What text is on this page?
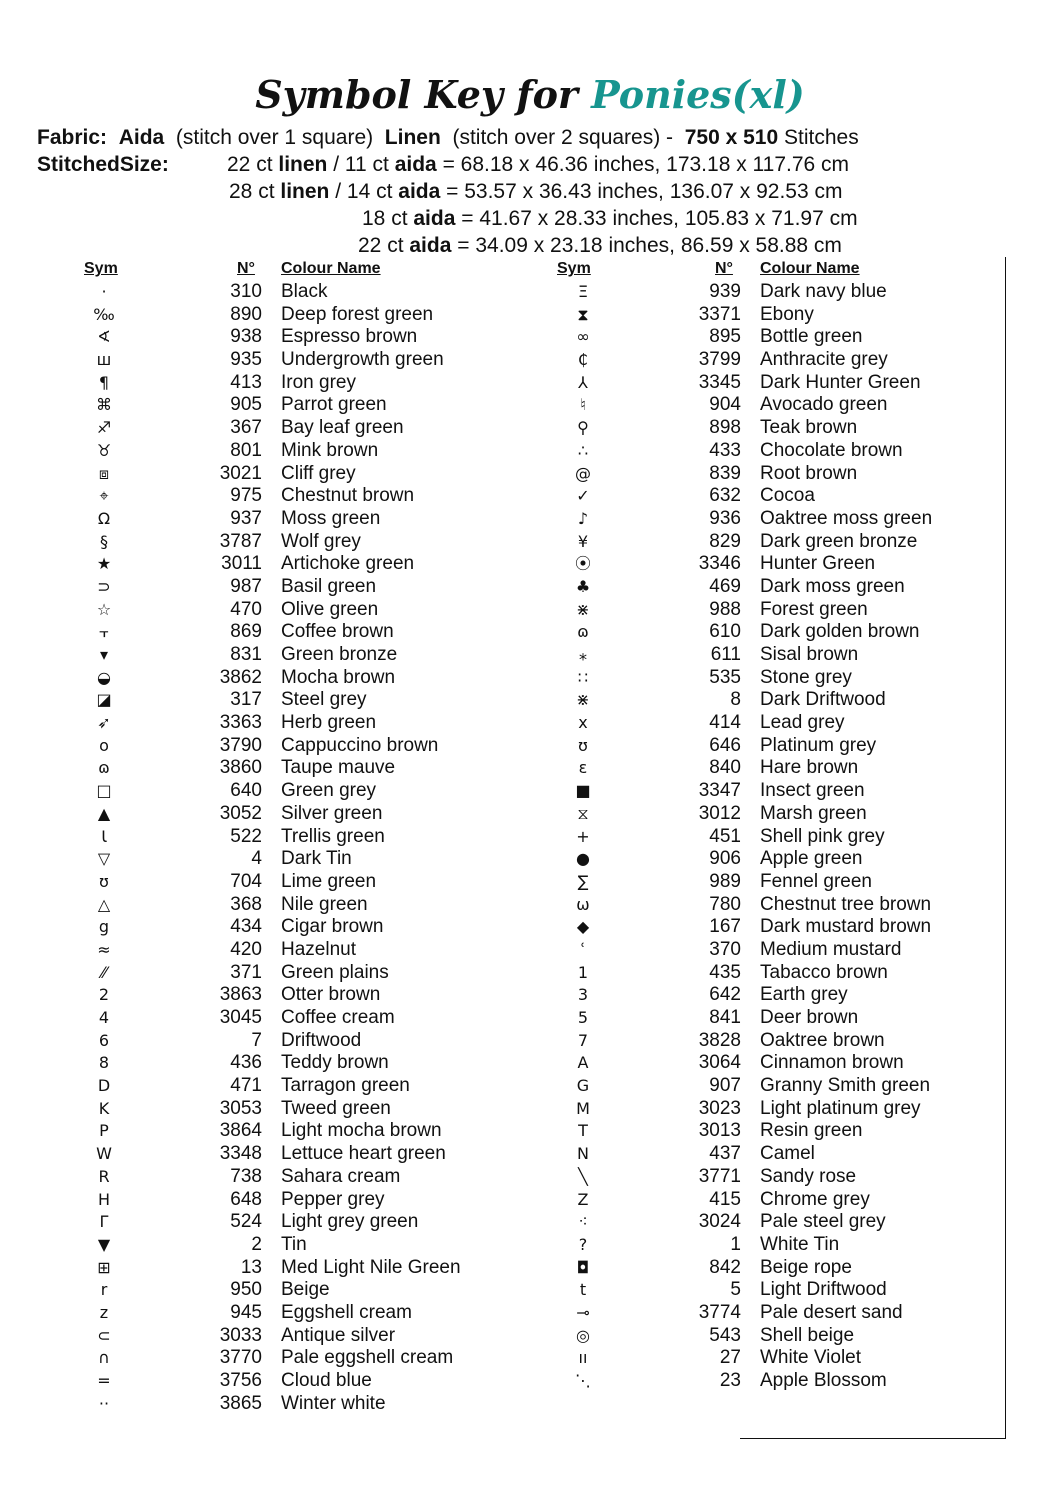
Symbol Key for Ponies(xl)
Fabric: Aida (stitch over 1 square) Linen (stitch over 2 squares) - 750 x 510 Stitches
StitchedSize:	22 ct linen / 11 ct aida = 68.18 x 46.36 inches, 173.18 x 117.76 cm
28 ct linen / 14 ct aida = 53.57 x 36.43 inches, 136.07 x 92.53 cm
18 ct aida = 41.67 x 28.33 inches, 105.83 x 71.97 cm
22 ct aida = 34.09 x 23.18 inches, 86.59 x 58.88 cm
Sym	N° Colour Name	Sym	N° Colour Name
·	310 Black
‰	890 Deep forest green
∢	938 Espresso brown
ш	935 Undergrowth green
¶	413 Iron grey
⌘	905 Parrot green
♐	367 Bay leaf green
♉	801 Mink brown
⧈	3021 Cliff grey
⌖	975 Chestnut brown
Ω	937 Moss green
§	3787 Wolf grey
★	3011 Artichoke green
⊃	987 Basil green
☆	470 Olive green
⫟	869 Coffee brown
▾	831 Green bronze
◒	3862 Mocha brown
◪	317 Steel grey
➶	3363 Herb green
o	3790 Cappuccino brown
ɷ	3860 Taupe mauve
□	640 Green grey
▲	3052 Silver green
Ɩ	522 Trellis green
▽	4 Dark Tin
ʊ	704 Lime green
△	368 Nile green
g	434 Cigar brown
≈	420 Hazelnut
⁄⁄	371 Green plains
2	3863 Otter brown
4	3045 Coffee cream
6	7 Driftwood
8	436 Teddy brown
D	471 Tarragon green
K	3053 Tweed green
P	3864 Light mocha brown
W	3348 Lettuce heart green
R	738 Sahara cream
H	648 Pepper grey
Γ	524 Light grey green
▼	2 Tin
⊞	13 Med Light Nile Green
r	950 Beige
z	945 Eggshell cream
⊂	3033 Antique silver
∩	3770 Pale eggshell cream
=	3756 Cloud blue
··	3865 Winter white
Ξ	939 Dark navy blue
⧗	3371 Ebony
∞	895 Bottle green
₵	3799 Anthracite grey
⅄	3345 Dark Hunter Green
♮	904 Avocado green
⚲	898 Teak brown
∴	433 Chocolate brown
@	839 Root brown
✓	632 Cocoa
♪	936 Oaktree moss green
¥	829 Dark green bronze
⦿	3346 Hunter Green
♣	469 Dark moss green
⋇	988 Forest green
ɷ	610 Dark golden brown
⁎	611 Sisal brown
∷	535 Stone grey
⋇	8 Dark Driftwood
x	414 Lead grey
ʊ	646 Platinum grey
ε	840 Hare brown
■	3347 Insect green
⧖	3012 Marsh green
+	451 Shell pink grey
●	906 Apple green
∑	989 Fennel green
ω	780 Chestnut tree brown
◆	167 Dark mustard brown
ʿ	370 Medium mustard
1	435 Tabacco brown
3	642 Earth grey
5	841 Deer brown
7	3828 Oaktree brown
A	3064 Cinnamon brown
G	907 Granny Smith green
M	3023 Light platinum grey
T	3013 Resin green
N	437 Camel
╲	3771 Sandy rose
Z	415 Chrome grey
⁖	3024 Pale steel grey
?	1 White Tin
◘	842 Beige rope
t	5 Light Driftwood
⊸	3774 Pale desert sand
◎	543 Shell beige
ıı	27 White Violet
⋱	23 Apple Blossom
